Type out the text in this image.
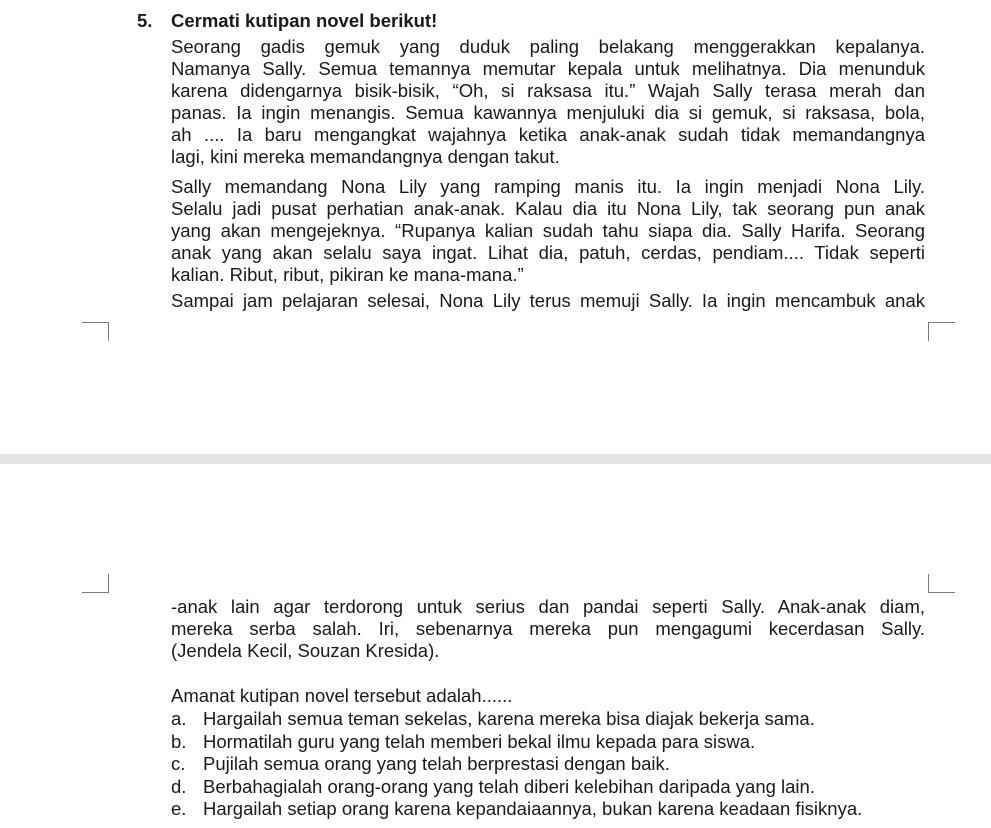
5. Cermati kutipan novel berikut!
Seorang gadis gemuk yang duduk paling belakang menggerakkan kepalanya.
Namanya Sally. Semua temannya memutar kepala untuk melihatnya. Dia menunduk
karena didengarnya bisik-bisik, “Oh, si raksasa itu.” Wajah Sally terasa merah dan
panas. Ia ingin menangis. Semua kawannya menjuluki dia si gemuk, si raksasa, bola,
ah .... Ia baru mengangkat wajahnya ketika anak-anak sudah tidak memandangnya
lagi, kini mereka memandangnya dengan takut.
Sally memandang Nona Lily yang ramping manis itu. Ia ingin menjadi Nona Lily.
Selalu jadi pusat perhatian anak-anak. Kalau dia itu Nona Lily, tak seorang pun anak
yang akan mengejeknya. “Rupanya kalian sudah tahu siapa dia. Sally Harifa. Seorang
anak yang akan selalu saya ingat. Lihat dia, patuh, cerdas, pendiam.... Tidak seperti
kalian. Ribut, ribut, pikiran ke mana-mana.”
Sampai jam pelajaran selesai, Nona Lily terus memuji Sally. Ia ingin mencambuk anak
-anak lain agar terdorong untuk serius dan pandai seperti Sally. Anak-anak diam,
mereka serba salah. Iri, sebenarnya mereka pun mengagumi kecerdasan Sally.
(Jendela Kecil, Souzan Kresida).
Amanat kutipan novel tersebut adalah......
a. Hargailah semua teman sekelas, karena mereka bisa diajak bekerja sama.
b. Hormatilah guru yang telah memberi bekal ilmu kepada para siswa.
c. Pujilah semua orang yang telah berprestasi dengan baik.
d. Berbahagialah orang-orang yang telah diberi kelebihan daripada yang lain.
e. Hargailah setiap orang karena kepandaiaannya, bukan karena keadaan fisiknya.
